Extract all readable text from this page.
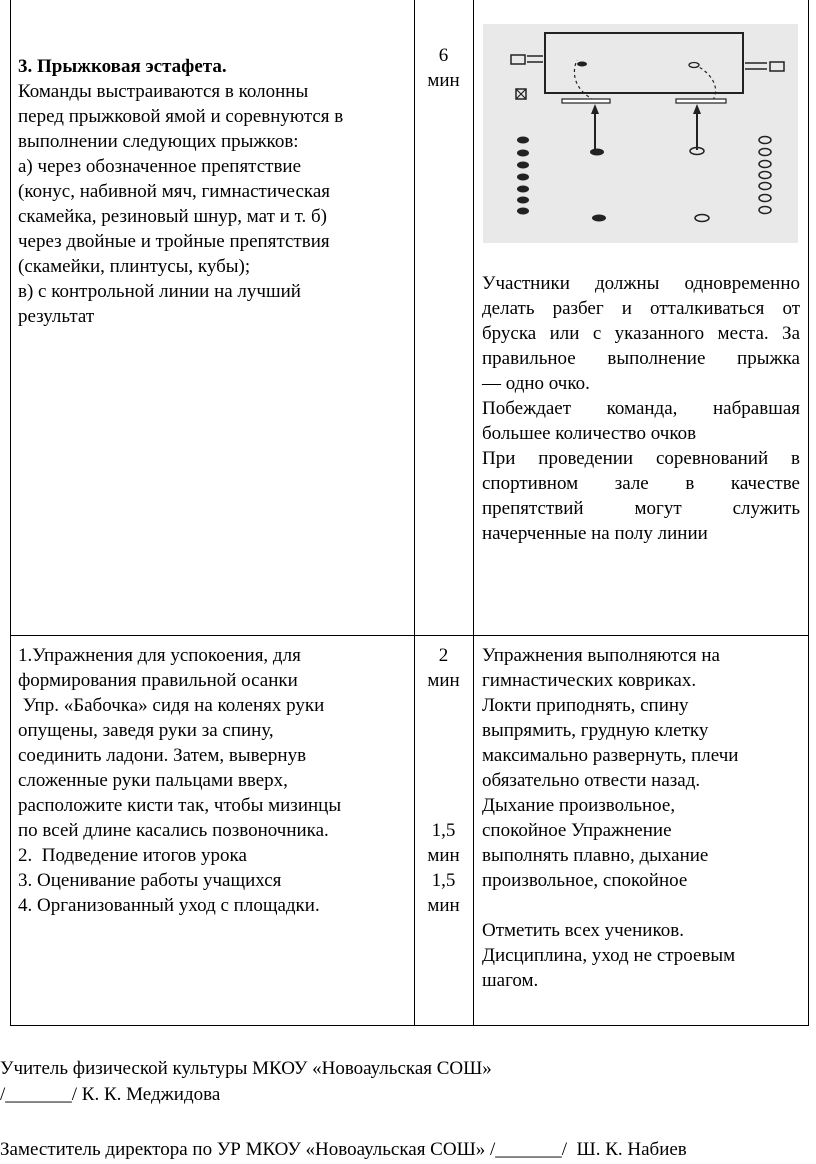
3. Прыжковая эстафета.
Команды выстраиваются в колонны
перед прыжковой ямой и соревнуются в
выполнении следующих прыжков:
а) через обозначенное препятствие
(конус, набивной мяч, гимнастическая
скамейка, резиновый шнур, мат и т. б)
через двойные и тройные препятствия
(скамейки, плинтусы, кубы);
в) с контрольной линии на лучший
результат
6
мин
Участники должны одновременно
делать разбег и отталкиваться от
бруска или с указанного места. За
правильное выполнение прыжка
— одно очко.
Побеждает команда, набравшая
большее количество очков
При проведении соревнований в
спортивном зале в качестве
препятствий могут служить
начерченные на полу линии
1.Упражнения для успокоения, для
формирования правильной осанки
Упр. «Бабочка» сидя на коленях руки
опущены, заведя руки за спину,
соединить ладони. Затем, вывернув
сложенные руки пальцами вверх,
расположите кисти так, чтобы мизинцы
по всей длине касались позвоночника.
2.  Подведение итогов урока
3. Оценивание работы учащихся
4. Организованный уход с площадки.
2
мин
1,5
мин
1,5
мин
Упражнения выполняются на
гимнастических ковриках.
Локти приподнять, спину
выпрямить, грудную клетку
максимально развернуть, плечи
обязательно отвести назад.
Дыхание произвольное,
спокойное Упражнение
выполнять плавно, дыхание
произвольное, спокойное
Отметить всех учеников.
Дисциплина, уход не строевым
шагом.
Учитель физической культуры МКОУ «Новоаульская СОШ»
/_______/ К. К. Меджидова
Заместитель директора по УР МКОУ «Новоаульская СОШ» /_______/  Ш. К. Набиев
